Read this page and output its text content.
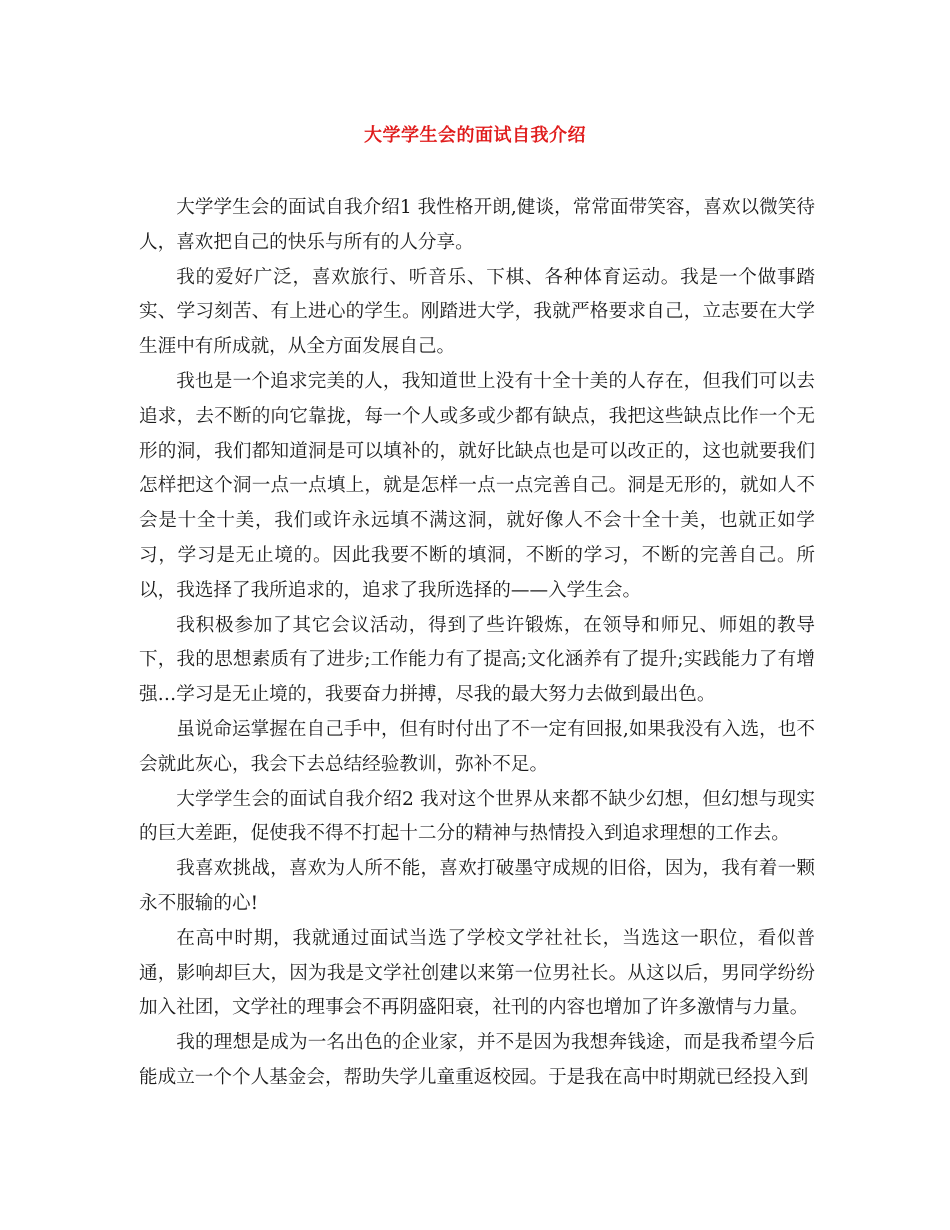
大学学生会的面试自我介绍

大学学生会的面试自我介绍1 我性格开朗,健谈，常常面带笑容，喜欢以微笑待人，喜欢把自己的快乐与所有的人分享。

我的爱好广泛，喜欢旅行、听音乐、下棋、各种体育运动。我是一个做事踏实、学习刻苦、有上进心的学生。刚踏进大学，我就严格要求自己，立志要在大学生涯中有所成就，从全方面发展自己。

我也是一个追求完美的人，我知道世上没有十全十美的人存在，但我们可以去追求，去不断的向它靠拢，每一个人或多或少都有缺点，我把这些缺点比作一个无形的洞，我们都知道洞是可以填补的，就好比缺点也是可以改正的，这也就要我们怎样把这个洞一点一点填上，就是怎样一点一点完善自己。洞是无形的，就如人不会是十全十美，我们或许永远填不满这洞，就好像人不会十全十美，也就正如学习，学习是无止境的。因此我要不断的填洞，不断的学习，不断的完善自己。所以，我选择了我所追求的，追求了我所选择的——入学生会。

我积极参加了其它会议活动，得到了些许锻炼，在领导和师兄、师姐的教导下，我的思想素质有了进步;工作能力有了提高;文化涵养有了提升;实践能力了有增强…学习是无止境的，我要奋力拼搏，尽我的最大努力去做到最出色。

虽说命运掌握在自己手中，但有时付出了不一定有回报,如果我没有入选，也不会就此灰心，我会下去总结经验教训，弥补不足。

大学学生会的面试自我介绍2 我对这个世界从来都不缺少幻想，但幻想与现实的巨大差距，促使我不得不打起十二分的精神与热情投入到追求理想的工作去。

我喜欢挑战，喜欢为人所不能，喜欢打破墨守成规的旧俗，因为，我有着一颗永不服输的心!

在高中时期，我就通过面试当选了学校文学社社长，当选这一职位，看似普通，影响却巨大，因为我是文学社创建以来第一位男社长。从这以后，男同学纷纷加入社团，文学社的理事会不再阴盛阳衰，社刊的内容也增加了许多激情与力量。

我的理想是成为一名出色的企业家，并不是因为我想奔钱途，而是我希望今后能成立一个个人基金会，帮助失学儿童重返校园。于是我在高中时期就已经投入到
